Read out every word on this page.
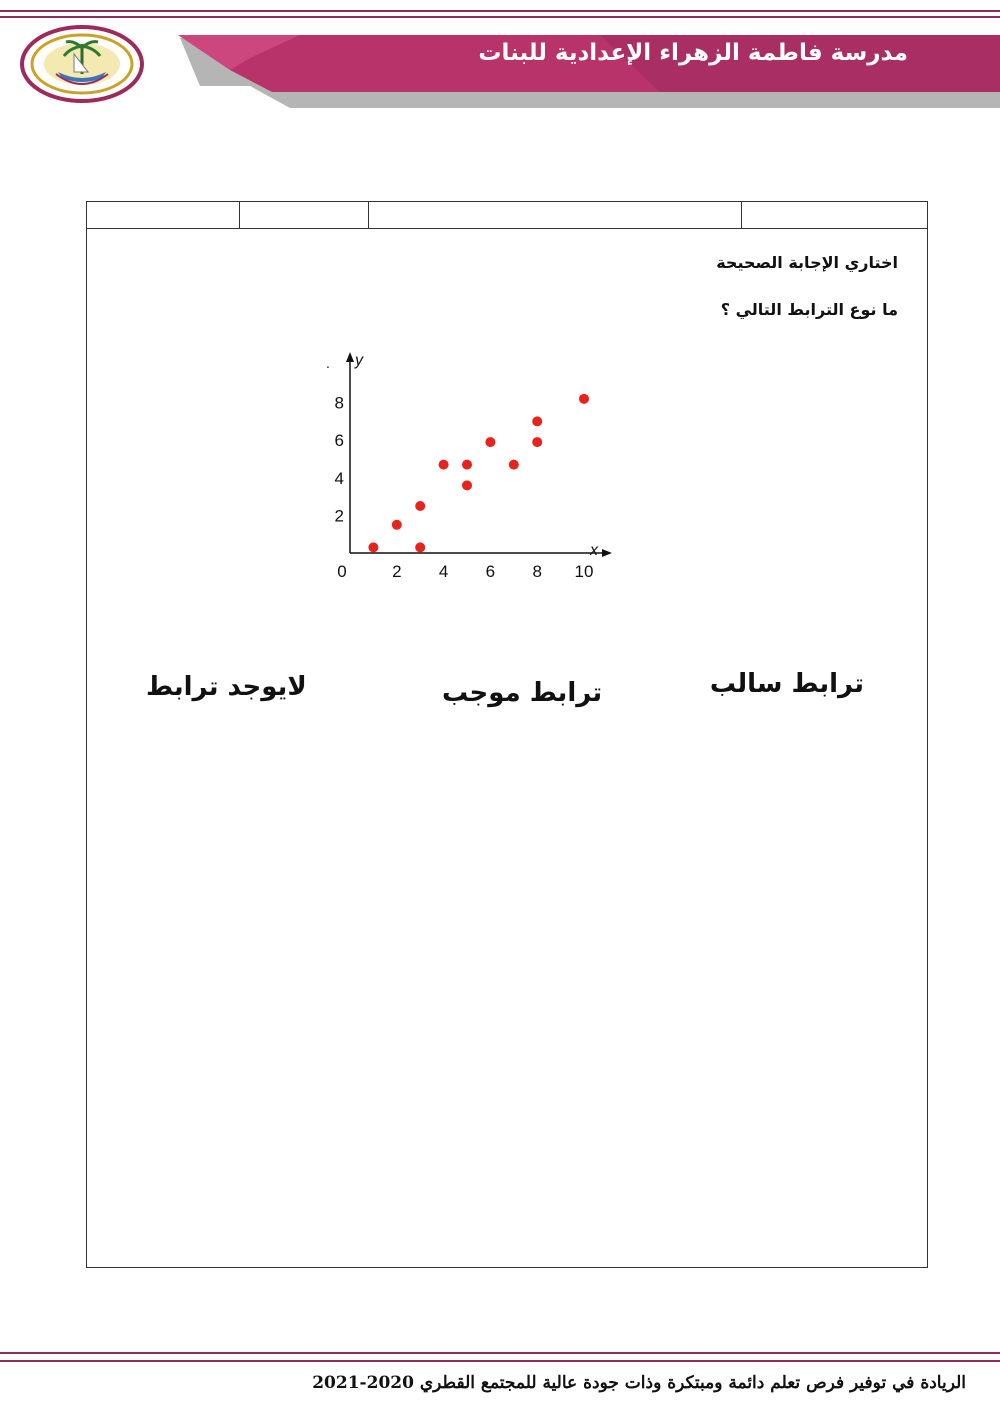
مدرسة فاطمة الزهراء الإعدادية للبنات
اختاري الإجابة الصحيحة
ما نوع الترابط التالي ؟
.
x
y
0	2 4 6 8 10
2
4
6
8
ترابط سالب
ترابط موجب
لايوجد ترابط
الريادة في توفير فرص تعلم دائمة ومبتكرة وذات جودة عالية للمجتمع القطري 2020-2021
